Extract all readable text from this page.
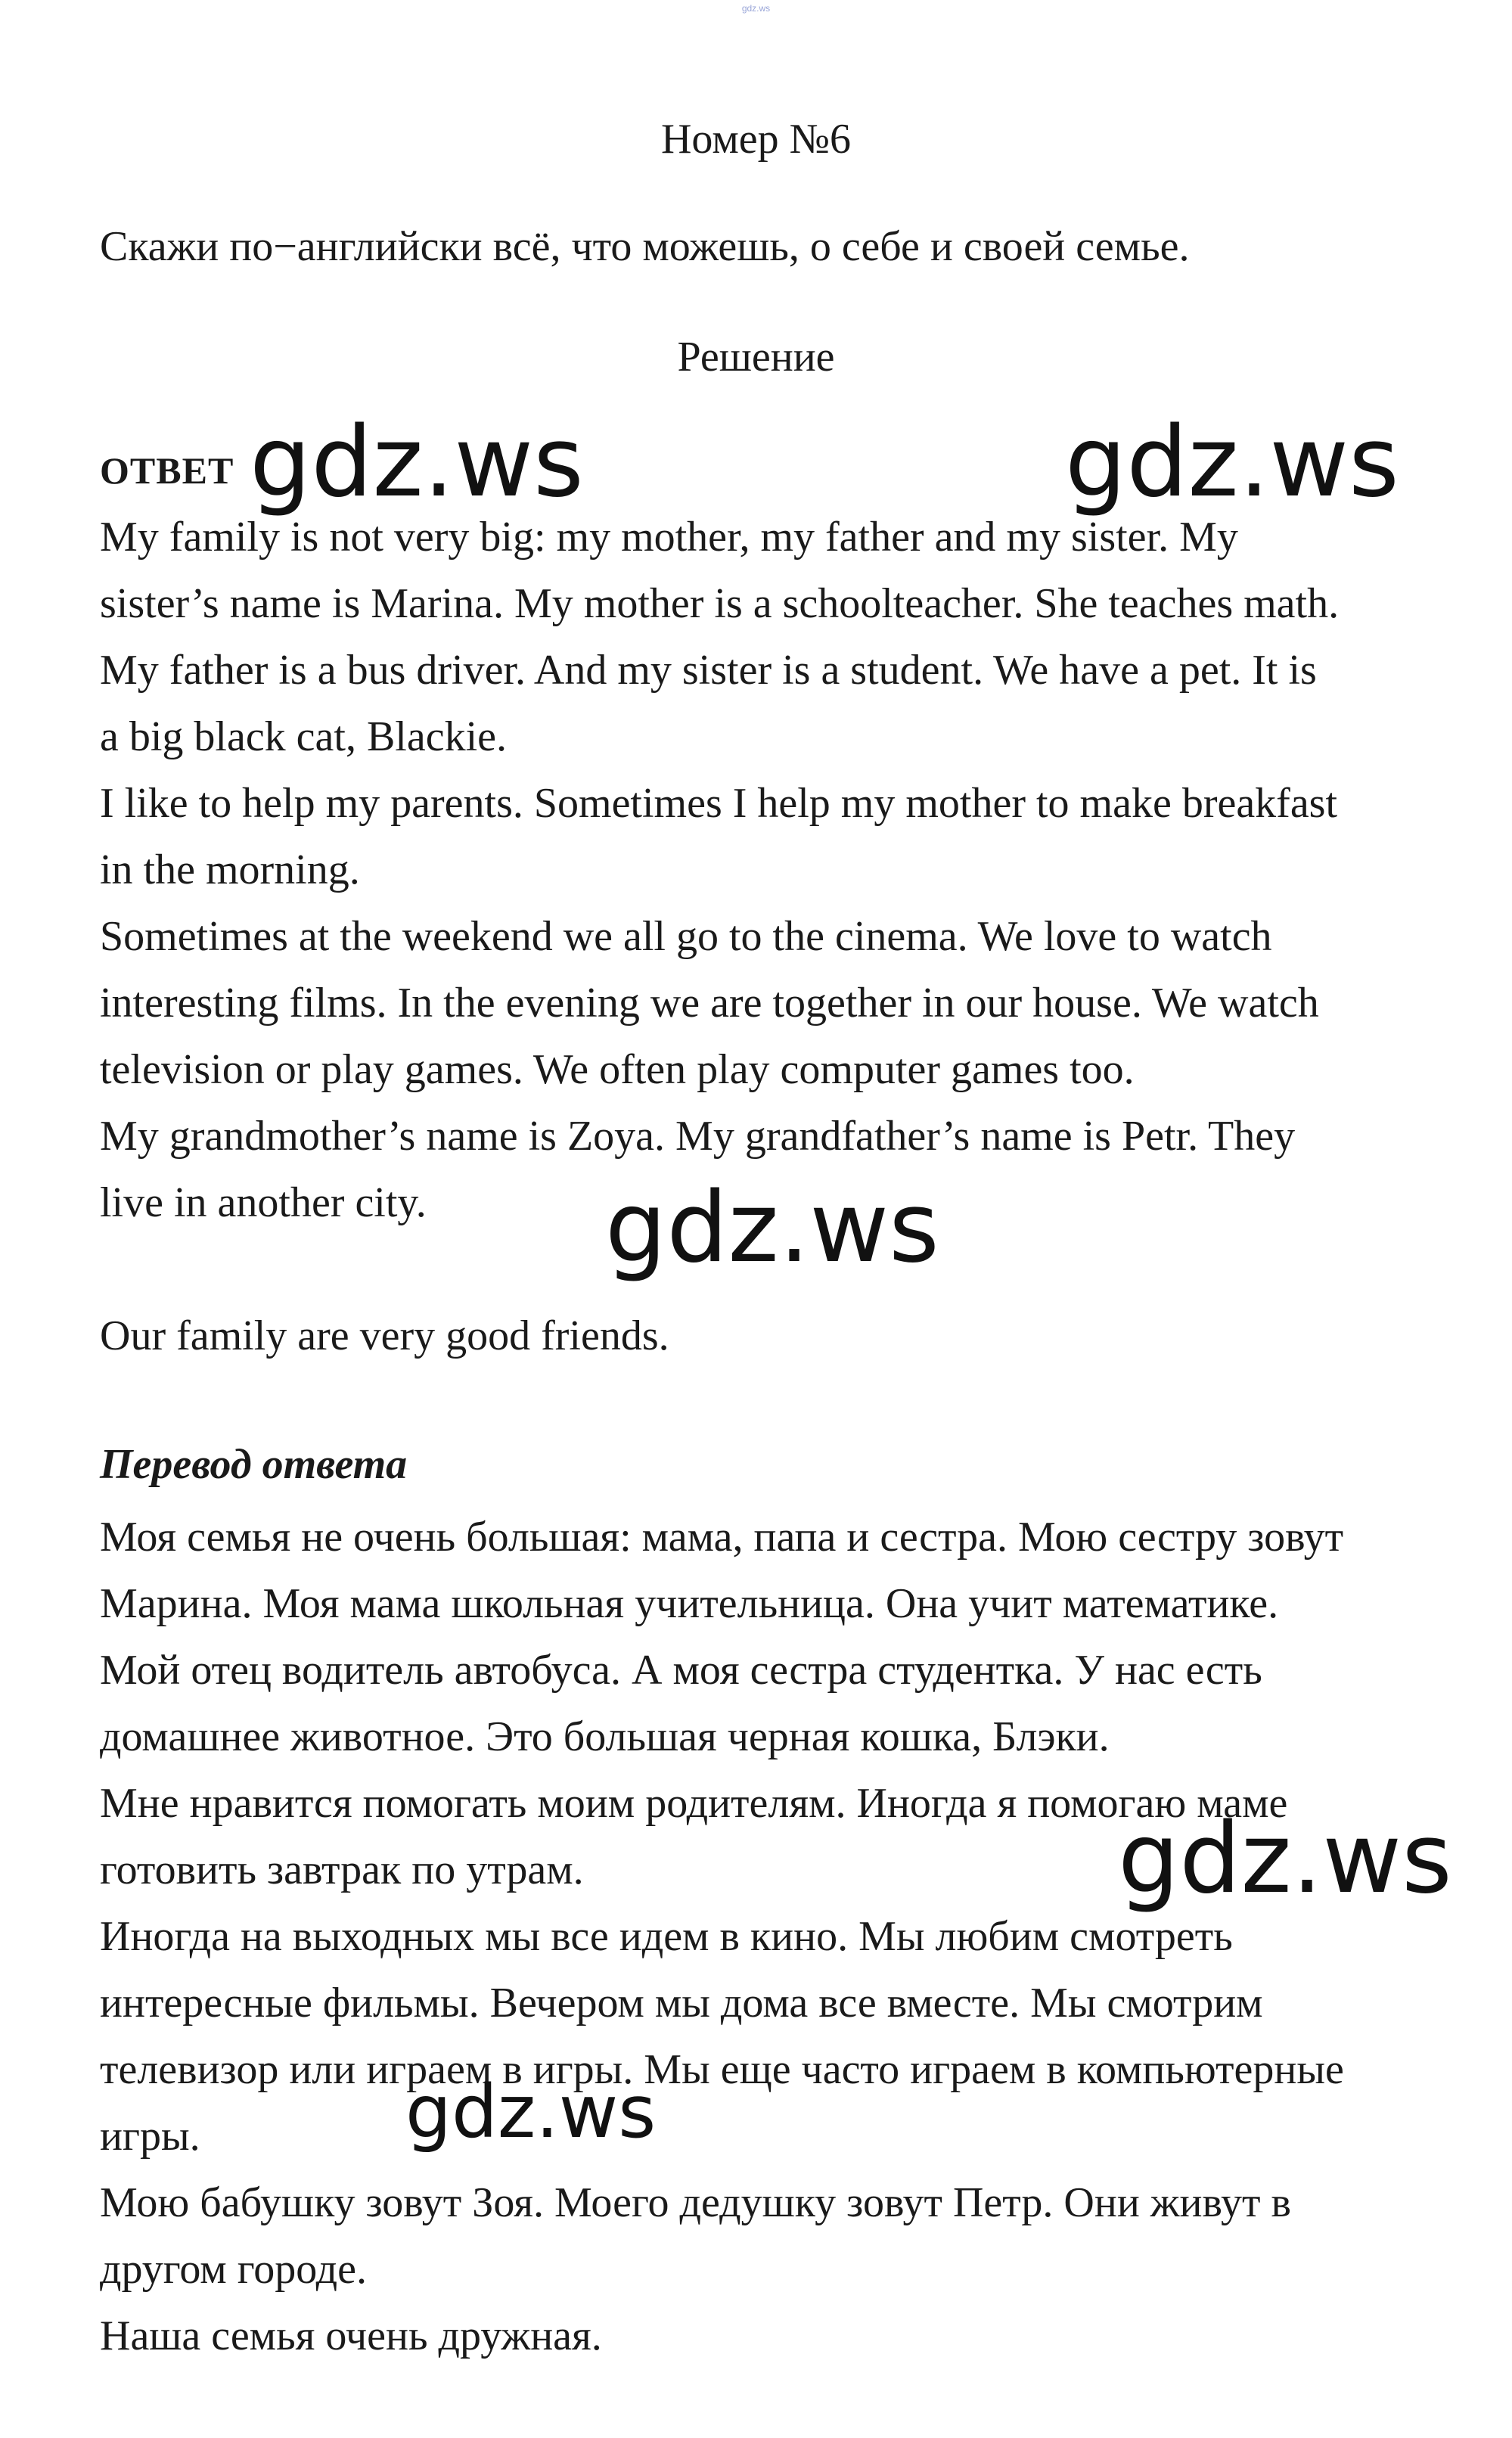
gdz.ws
Номер №6
Скажи по−английски всё, что можешь, о себе и своей семье.
Решение
ОТВЕТ
My family is not very big: my mother, my father and my sister. My
sister’s name is Marina. My mother is a schoolteacher. She teaches math.
My father is a bus driver. And my sister is a student. We have a pet. It is
a big black cat, Blackie.
I like to help my parents. Sometimes I help my mother to make breakfast
in the morning.
Sometimes at the weekend we all go to the cinema. We love to watch
interesting films. In the evening we are together in our house. We watch
television or play games. We often play computer games too.
My grandmother’s name is Zoya. My grandfather’s name is Petr. They
live in another city.
Our family are very good friends.
Перевод ответа
Моя семья не очень большая: мама, папа и сестра. Мою сестру зовут
Марина. Моя мама школьная учительница. Она учит математике.
Мой отец водитель автобуса. А моя сестра студентка. У нас есть
домашнее животное. Это большая черная кошка, Блэки.
Мне нравится помогать моим родителям. Иногда я помогаю маме
готовить завтрак по утрам.
Иногда на выходных мы все идем в кино. Мы любим смотреть
интересные фильмы. Вечером мы дома все вместе. Мы смотрим
телевизор или играем в игры. Мы еще часто играем в компьютерные
игры.
Мою бабушку зовут Зоя. Моего дедушку зовут Петр. Они живут в
другом городе.
Наша семья очень дружная.
gdz.ws	gdz.ws
gdz.ws
gdz.ws
gdz.ws
